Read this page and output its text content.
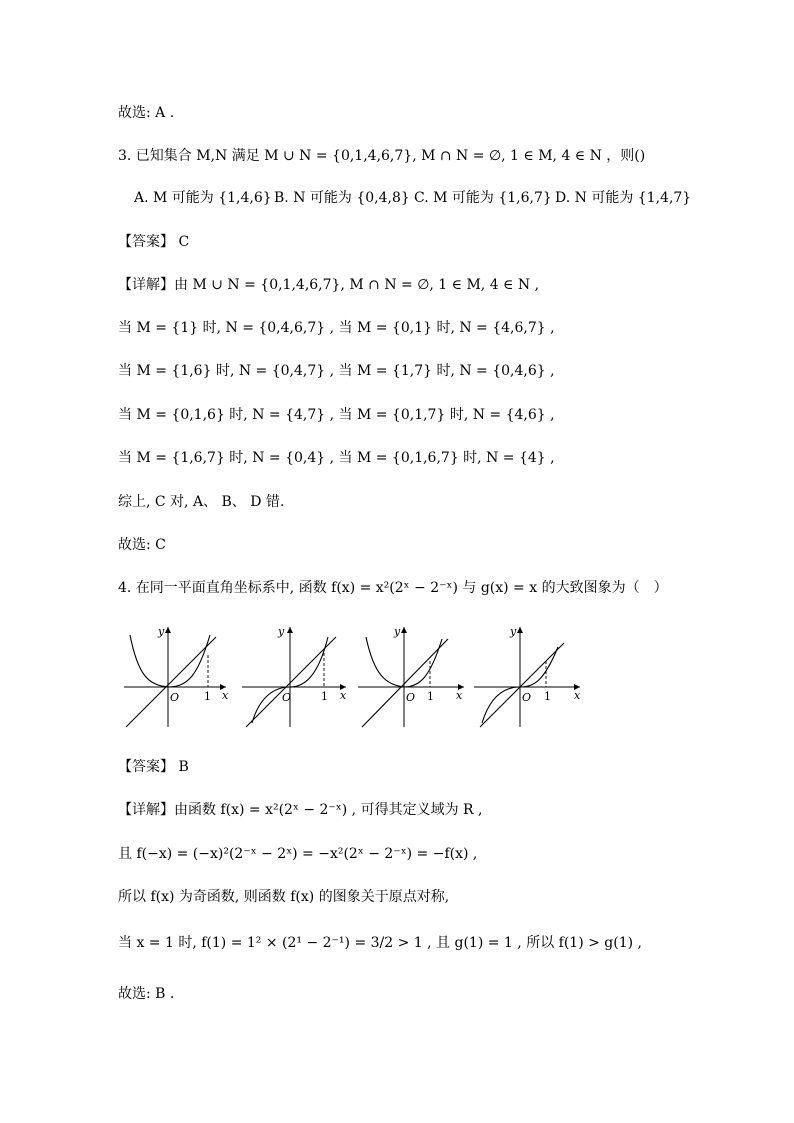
故选: A .
3. 已知集合 M,N 满足 M ∪ N = {0,1,4,6,7}, M ∩ N = ∅, 1 ∈ M, 4 ∈ N ，则()
A. M 可能为 {1,4,6} B. N 可能为 {0,4,8} C. M 可能为 {1,6,7} D. N 可能为 {1,4,7}
【答案】 C
【详解】由 M ∪ N = {0,1,4,6,7}, M ∩ N = ∅, 1 ∈ M, 4 ∈ N ,
当 M = {1} 时, N = {0,4,6,7} , 当 M = {0,1} 时, N = {4,6,7} ,
当 M = {1,6} 时, N = {0,4,7} , 当 M = {1,7} 时, N = {0,4,6} ,
当 M = {0,1,6} 时, N = {4,7} , 当 M = {0,1,7} 时, N = {4,6} ,
当 M = {1,6,7} 时, N = {0,4} , 当 M = {0,1,6,7} 时, N = {4} ,
综上, C 对, A、 B、 D 错.
故选: C
4. 在同一平面直角坐标系中, 函数 f(x) = x²(2ˣ − 2⁻ˣ) 与 g(x) = x 的大致图象为（　）
y
x
O 1
y
x
O	1
y
x
O 1
y
x
O 1
【答案】 B
【详解】由函数 f(x) = x²(2ˣ − 2⁻ˣ) , 可得其定义域为 R ,
且 f(−x) = (−x)²(2⁻ˣ − 2ˣ) = −x²(2ˣ − 2⁻ˣ) = −f(x) ,
所以 f(x) 为奇函数, 则函数 f(x) 的图象关于原点对称,
当 x = 1 时, f(1) = 1² × (2¹ − 2⁻¹) = 3/2 > 1 , 且 g(1) = 1 , 所以 f(1) > g(1) ,
故选: B .
